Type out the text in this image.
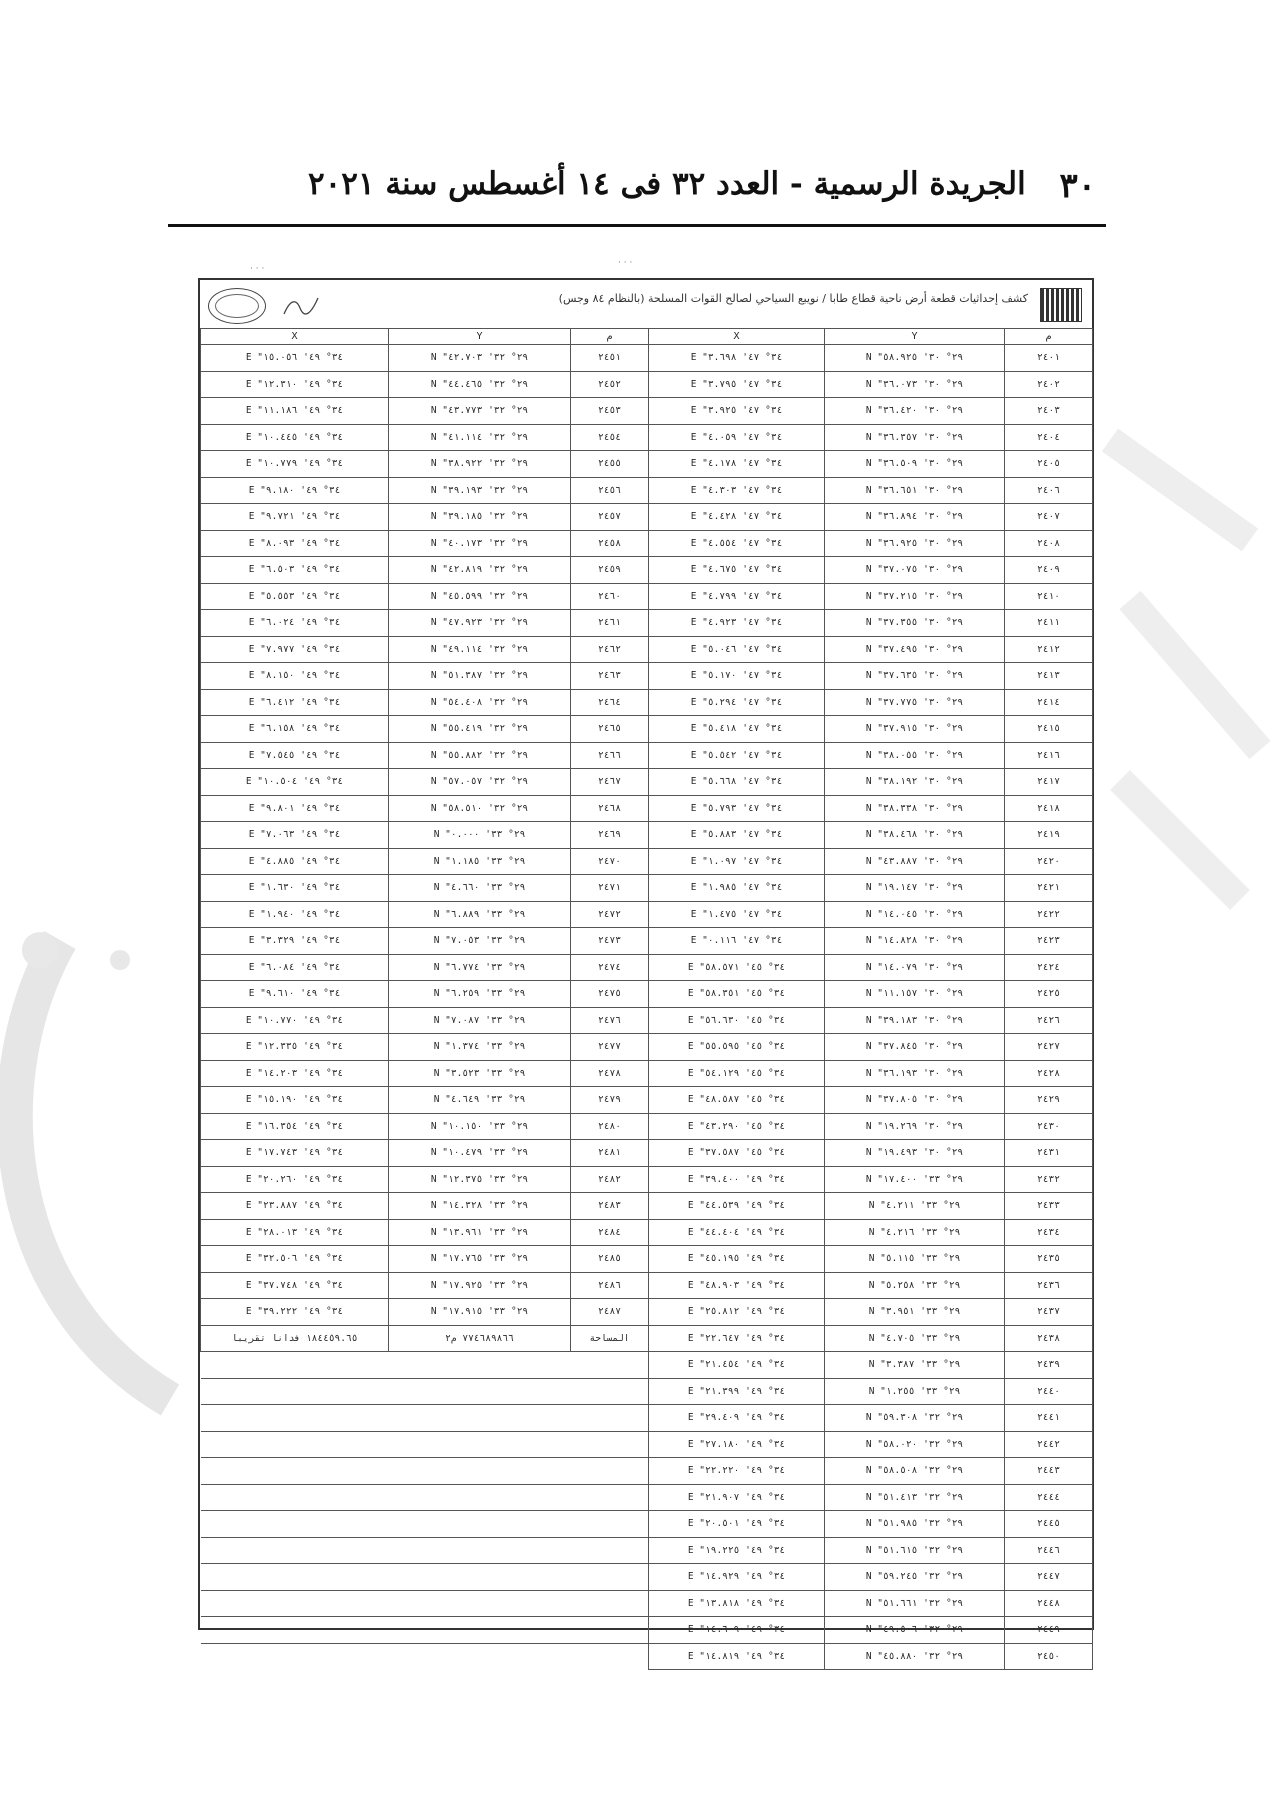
٣٠
الجريدة الرسمية - العدد ٣٢ فى ١٤ أغسطس سنة ٢٠٢١
· · ·
· · ·
كشف إحداثيات قطعة أرض ناحية قطاع طابا / نويبع السياحي لصالح القوات المسلحة (بالنظام ٨٤ وجس)
م	Y	X	م	Y	X
٢٤٠١	٢٩° ٣٠' ٥٨.٩٢٥" N	٣٤° ٤٧' ٣.٦٩٨" E	٢٤٥١	٢٩° ٣٢' ٤٢.٧٠٣" N	٣٤° ٤٩' ١٥.٠٥٦" E
٢٤٠٢	٢٩° ٣٠' ٣٦.٠٧٣" N	٣٤° ٤٧' ٣.٧٩٥" E	٢٤٥٢	٢٩° ٣٢' ٤٤.٤٦٥" N	٣٤° ٤٩' ١٢.٣١٠" E
٢٤٠٣	٢٩° ٣٠' ٣٦.٤٢٠" N	٣٤° ٤٧' ٣.٩٢٥" E	٢٤٥٣	٢٩° ٣٢' ٤٣.٧٧٣" N	٣٤° ٤٩' ١١.١٨٦" E
٢٤٠٤	٢٩° ٣٠' ٣٦.٣٥٧" N	٣٤° ٤٧' ٤.٠٥٩" E	٢٤٥٤	٢٩° ٣٢' ٤١.١١٤" N	٣٤° ٤٩' ١٠.٤٤٥" E
٢٤٠٥	٢٩° ٣٠' ٣٦.٥٠٩" N	٣٤° ٤٧' ٤.١٧٨" E	٢٤٥٥	٢٩° ٣٢' ٣٨.٩٢٢" N	٣٤° ٤٩' ١٠.٧٧٩" E
٢٤٠٦	٢٩° ٣٠' ٣٦.٦٥١" N	٣٤° ٤٧' ٤.٣٠٣" E	٢٤٥٦	٢٩° ٣٢' ٣٩.١٩٣" N	٣٤° ٤٩' ٩.١٨٠" E
٢٤٠٧	٢٩° ٣٠' ٣٦.٨٩٤" N	٣٤° ٤٧' ٤.٤٢٨" E	٢٤٥٧	٢٩° ٣٢' ٣٩.١٨٥" N	٣٤° ٤٩' ٩.٧٢١" E
٢٤٠٨	٢٩° ٣٠' ٣٦.٩٢٥" N	٣٤° ٤٧' ٤.٥٥٤" E	٢٤٥٨	٢٩° ٣٢' ٤٠.١٧٣" N	٣٤° ٤٩' ٨.٠٩٣" E
٢٤٠٩	٢٩° ٣٠' ٣٧.٠٧٥" N	٣٤° ٤٧' ٤.٦٧٥" E	٢٤٥٩	٢٩° ٣٢' ٤٢.٨١٩" N	٣٤° ٤٩' ٦.٥٠٣" E
٢٤١٠	٢٩° ٣٠' ٣٧.٢١٥" N	٣٤° ٤٧' ٤.٧٩٩" E	٢٤٦٠	٢٩° ٣٢' ٤٥.٥٩٩" N	٣٤° ٤٩' ٥.٥٥٣" E
٢٤١١	٢٩° ٣٠' ٣٧.٣٥٥" N	٣٤° ٤٧' ٤.٩٢٣" E	٢٤٦١	٢٩° ٣٢' ٤٧.٩٢٣" N	٣٤° ٤٩' ٦.٠٢٤" E
٢٤١٢	٢٩° ٣٠' ٣٧.٤٩٥" N	٣٤° ٤٧' ٥.٠٤٦" E	٢٤٦٢	٢٩° ٣٢' ٤٩.١١٤" N	٣٤° ٤٩' ٧.٩٧٧" E
٢٤١٣	٢٩° ٣٠' ٣٧.٦٣٥" N	٣٤° ٤٧' ٥.١٧٠" E	٢٤٦٣	٢٩° ٣٢' ٥١.٣٨٧" N	٣٤° ٤٩' ٨.١٥٠" E
٢٤١٤	٢٩° ٣٠' ٣٧.٧٧٥" N	٣٤° ٤٧' ٥.٢٩٤" E	٢٤٦٤	٢٩° ٣٢' ٥٤.٤٠٨" N	٣٤° ٤٩' ٦.٤١٢" E
٢٤١٥	٢٩° ٣٠' ٣٧.٩١٥" N	٣٤° ٤٧' ٥.٤١٨" E	٢٤٦٥	٢٩° ٣٢' ٥٥.٤١٩" N	٣٤° ٤٩' ٦.١٥٨" E
٢٤١٦	٢٩° ٣٠' ٣٨.٠٥٥" N	٣٤° ٤٧' ٥.٥٤٢" E	٢٤٦٦	٢٩° ٣٢' ٥٥.٨٨٢" N	٣٤° ٤٩' ٧.٥٤٥" E
٢٤١٧	٢٩° ٣٠' ٣٨.١٩٢" N	٣٤° ٤٧' ٥.٦٦٨" E	٢٤٦٧	٢٩° ٣٢' ٥٧.٠٥٧" N	٣٤° ٤٩' ١٠.٥٠٤" E
٢٤١٨	٢٩° ٣٠' ٣٨.٣٣٨" N	٣٤° ٤٧' ٥.٧٩٣" E	٢٤٦٨	٢٩° ٣٢' ٥٨.٥١٠" N	٣٤° ٤٩' ٩.٨٠١" E
٢٤١٩	٢٩° ٣٠' ٣٨.٤٦٨" N	٣٤° ٤٧' ٥.٨٨٣" E	٢٤٦٩	٢٩° ٣٣' ٠.٠٠٠" N	٣٤° ٤٩' ٧.٠٦٣" E
٢٤٢٠	٢٩° ٣٠' ٤٣.٨٨٧" N	٣٤° ٤٧' ١.٠٩٧" E	٢٤٧٠	٢٩° ٣٣' ١.١٨٥" N	٣٤° ٤٩' ٤.٨٨٥" E
٢٤٢١	٢٩° ٣٠' ١٩.١٤٧" N	٣٤° ٤٧' ١.٩٨٥" E	٢٤٧١	٢٩° ٣٣' ٤.٦٦٠" N	٣٤° ٤٩' ١.٦٣٠" E
٢٤٢٢	٢٩° ٣٠' ١٤.٠٤٥" N	٣٤° ٤٧' ١.٤٧٥" E	٢٤٧٢	٢٩° ٣٣' ٦.٨٨٩" N	٣٤° ٤٩' ١.٩٤٠" E
٢٤٢٣	٢٩° ٣٠' ١٤.٨٢٨" N	٣٤° ٤٧' ٠.١١٦" E	٢٤٧٣	٢٩° ٣٣' ٧.٠٥٣" N	٣٤° ٤٩' ٣.٣٢٩" E
٢٤٢٤	٢٩° ٣٠' ١٤.٠٧٩" N	٣٤° ٤٥' ٥٨.٥٧١" E	٢٤٧٤	٢٩° ٣٣' ٦.٧٧٤" N	٣٤° ٤٩' ٦.٠٨٤" E
٢٤٢٥	٢٩° ٣٠' ١١.١٥٧" N	٣٤° ٤٥' ٥٨.٣٥١" E	٢٤٧٥	٢٩° ٣٣' ٦.٢٥٩" N	٣٤° ٤٩' ٩.٦١٠" E
٢٤٢٦	٢٩° ٣٠' ٣٩.١٨٣" N	٣٤° ٤٥' ٥٦.٦٣٠" E	٢٤٧٦	٢٩° ٣٣' ٧.٠٨٧" N	٣٤° ٤٩' ١٠.٧٧٠" E
٢٤٢٧	٢٩° ٣٠' ٣٧.٨٤٥" N	٣٤° ٤٥' ٥٥.٥٩٥" E	٢٤٧٧	٢٩° ٣٣' ١.٣٧٤" N	٣٤° ٤٩' ١٢.٣٣٥" E
٢٤٢٨	٢٩° ٣٠' ٣٦.١٩٣" N	٣٤° ٤٥' ٥٤.١٢٩" E	٢٤٧٨	٢٩° ٣٣' ٣.٥٢٣" N	٣٤° ٤٩' ١٤.٢٠٣" E
٢٤٢٩	٢٩° ٣٠' ٣٧.٨٠٥" N	٣٤° ٤٥' ٤٨.٥٨٧" E	٢٤٧٩	٢٩° ٣٣' ٤.٦٤٩" N	٣٤° ٤٩' ١٥.١٩٠" E
٢٤٣٠	٢٩° ٣٠' ١٩.٢٦٩" N	٣٤° ٤٥' ٤٣.٢٩٠" E	٢٤٨٠	٢٩° ٣٣' ١٠.١٥٠" N	٣٤° ٤٩' ١٦.٣٥٤" E
٢٤٣١	٢٩° ٣٠' ١٩.٤٩٣" N	٣٤° ٤٥' ٣٧.٥٨٧" E	٢٤٨١	٢٩° ٣٣' ١٠.٤٧٩" N	٣٤° ٤٩' ١٧.٧٤٣" E
٢٤٣٢	٢٩° ٣٣' ١٧.٤٠٠" N	٣٤° ٤٩' ٣٩.٤٠٠" E	٢٤٨٢	٢٩° ٣٣' ١٢.٣٧٥" N	٣٤° ٤٩' ٢٠.٢٦٠" E
٢٤٣٣	٢٩° ٣٣' ٤.٢١١" N	٣٤° ٤٩' ٤٤.٥٣٩" E	٢٤٨٣	٢٩° ٣٣' ١٤.٣٢٨" N	٣٤° ٤٩' ٢٣.٨٨٧" E
٢٤٣٤	٢٩° ٣٣' ٤.٢١٦" N	٣٤° ٤٩' ٤٤.٤٠٤" E	٢٤٨٤	٢٩° ٣٣' ١٣.٩٦١" N	٣٤° ٤٩' ٢٨.٠١٣" E
٢٤٣٥	٢٩° ٣٣' ٥.١١٥" N	٣٤° ٤٩' ٤٥.١٩٥" E	٢٤٨٥	٢٩° ٣٣' ١٧.٧٦٥" N	٣٤° ٤٩' ٣٢.٥٠٦" E
٢٤٣٦	٢٩° ٣٣' ٥.٢٥٨" N	٣٤° ٤٩' ٤٨.٩٠٣" E	٢٤٨٦	٢٩° ٣٣' ١٧.٩٢٥" N	٣٤° ٤٩' ٣٧.٧٤٨" E
٢٤٣٧	٢٩° ٣٣' ٣.٩٥١" N	٣٤° ٤٩' ٢٥.٨١٢" E	٢٤٨٧	٢٩° ٣٣' ١٧.٩١٥" N	٣٤° ٤٩' ٣٩.٢٢٢" E
٢٤٣٨	٢٩° ٣٣' ٤.٧٠٥" N	٣٤° ٤٩' ٢٢.٦٤٧" E	المساحة	٧٧٤٦٨٩٨٦٦ م٢	١٨٤٤٥٩.٦٥ فدانا تقريبا
٢٤٣٩	٢٩° ٣٣' ٣.٣٨٧" N	٣٤° ٤٩' ٢١.٤٥٤" E			
٢٤٤٠	٢٩° ٣٣' ١.٢٥٥" N	٣٤° ٤٩' ٢١.٣٩٩" E			
٢٤٤١	٢٩° ٣٢' ٥٩.٣٠٨" N	٣٤° ٤٩' ٢٩.٤٠٩" E			
٢٤٤٢	٢٩° ٣٢' ٥٨.٠٢٠" N	٣٤° ٤٩' ٢٧.١٨٠" E			
٢٤٤٣	٢٩° ٣٢' ٥٨.٥٠٨" N	٣٤° ٤٩' ٢٢.٢٢٠" E			
٢٤٤٤	٢٩° ٣٢' ٥١.٤١٣" N	٣٤° ٤٩' ٢١.٩٠٧" E			
٢٤٤٥	٢٩° ٣٢' ٥١.٩٨٥" N	٣٤° ٤٩' ٢٠.٥٠١" E			
٢٤٤٦	٢٩° ٣٢' ٥١.٦١٥" N	٣٤° ٤٩' ١٩.٢٢٥" E			
٢٤٤٧	٢٩° ٣٢' ٥٩.٢٤٥" N	٣٤° ٤٩' ١٤.٩٢٩" E			
٢٤٤٨	٢٩° ٣٢' ٥١.٦٦١" N	٣٤° ٤٩' ١٣.٨١٨" E			
٢٤٤٩	٢٩° ٣٢' ٤٩.٥٠٦" N	٣٤° ٤٩' ١٤.٦٠٩" E			
٢٤٥٠	٢٩° ٣٢' ٤٥.٨٨٠" N	٣٤° ٤٩' ١٤.٨١٩" E			
